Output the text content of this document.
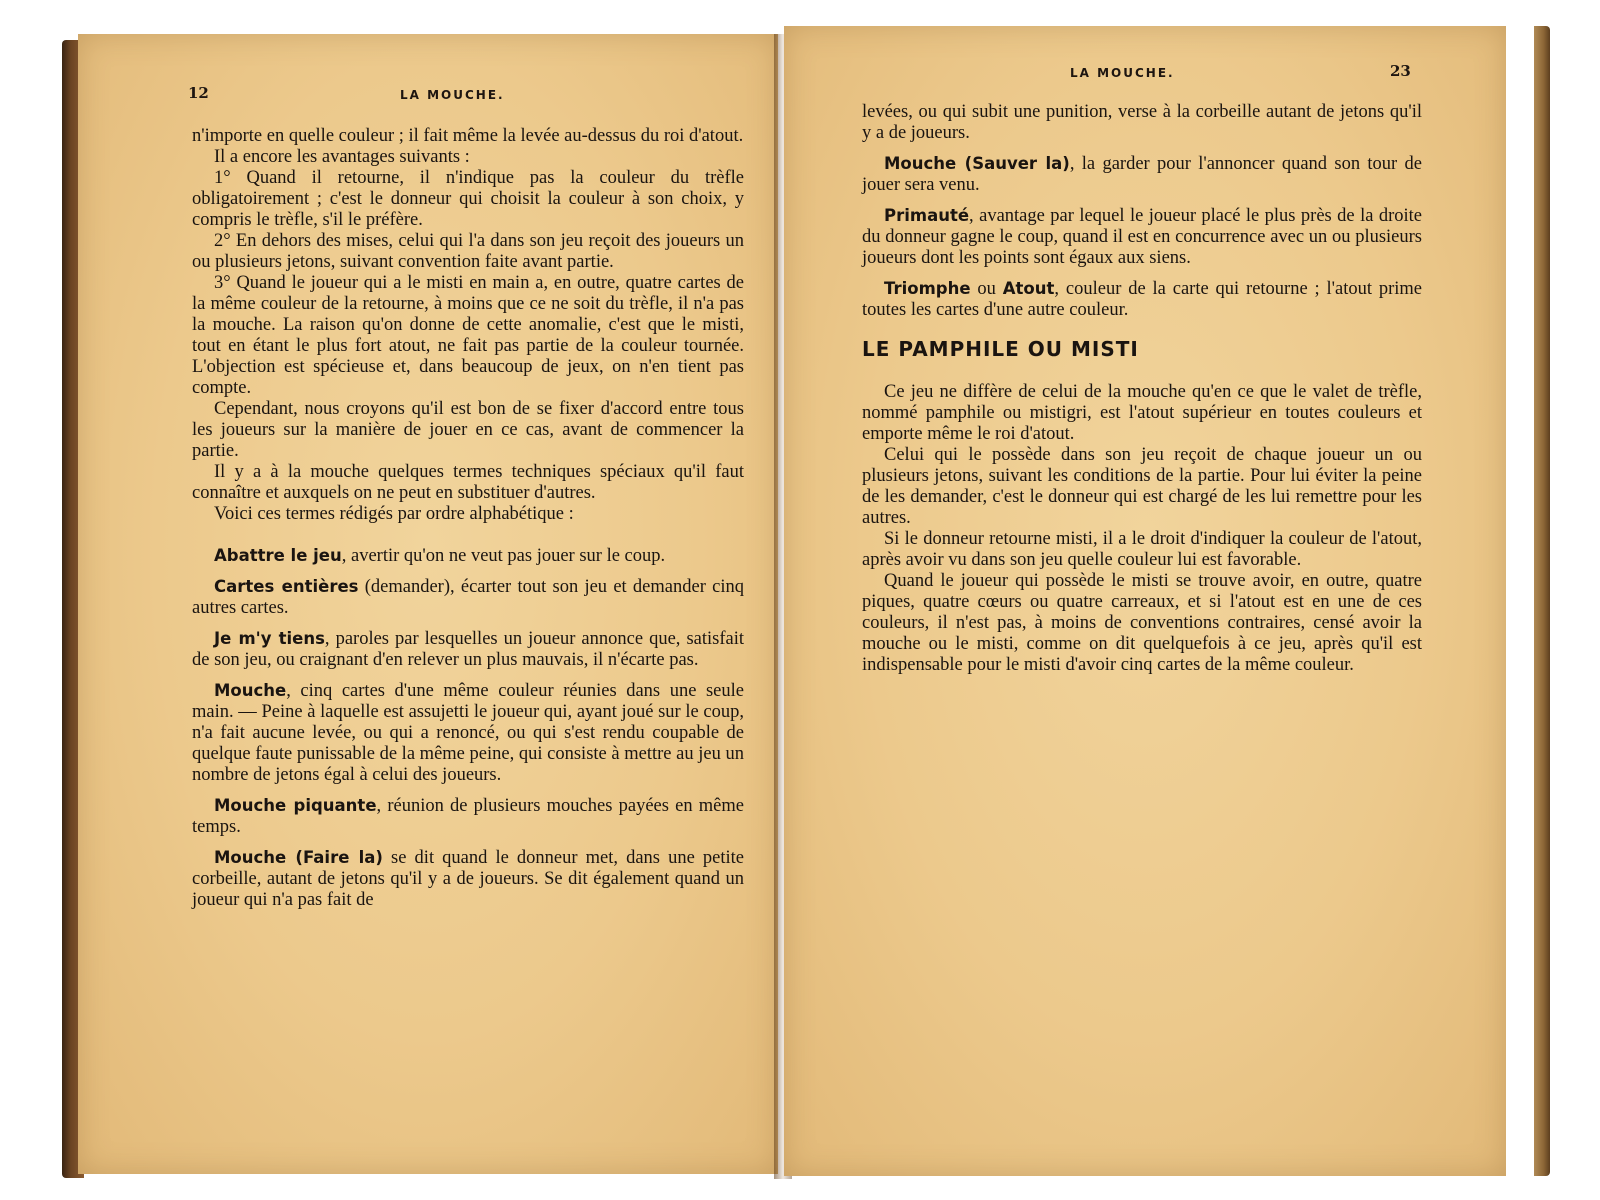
12	LA MOUCHE.

n'importe en quelle couleur ; il fait même la levée au-dessus du roi d'atout.

Il a encore les avantages suivants :

1° Quand il retourne, il n'indique pas la couleur du trèfle obligatoirement ; c'est le donneur qui choisit la couleur à son choix, y compris le trèfle, s'il le préfère.

2° En dehors des mises, celui qui l'a dans son jeu reçoit des joueurs un ou plusieurs jetons, suivant convention faite avant partie.

3° Quand le joueur qui a le misti en main a, en outre, quatre cartes de la même couleur de la retourne, à moins que ce ne soit du trèfle, il n'a pas la mouche. La raison qu'on donne de cette anomalie, c'est que le misti, tout en étant le plus fort atout, ne fait pas partie de la couleur tournée. L'objection est spécieuse et, dans beaucoup de jeux, on n'en tient pas compte.

Cependant, nous croyons qu'il est bon de se fixer d'accord entre tous les joueurs sur la manière de jouer en ce cas, avant de commencer la partie.

Il y a à la mouche quelques termes techniques spéciaux qu'il faut connaître et auxquels on ne peut en substituer d'autres.

Voici ces termes rédigés par ordre alphabétique :

Abattre le jeu, avertir qu'on ne veut pas jouer sur le coup.

Cartes entières (demander), écarter tout son jeu et demander cinq autres cartes.

Je m'y tiens, paroles par lesquelles un joueur annonce que, satisfait de son jeu, ou craignant d'en relever un plus mauvais, il n'écarte pas.

Mouche, cinq cartes d'une même couleur réunies dans une seule main. — Peine à laquelle est assujetti le joueur qui, ayant joué sur le coup, n'a fait aucune levée, ou qui a renoncé, ou qui s'est rendu coupable de quelque faute punissable de la même peine, qui consiste à mettre au jeu un nombre de jetons égal à celui des joueurs.

Mouche piquante, réunion de plusieurs mouches payées en même temps.

Mouche (Faire la) se dit quand le donneur met, dans une petite corbeille, autant de jetons qu'il y a de joueurs. Se dit également quand un joueur qui n'a pas fait de

LA MOUCHE.	23

levées, ou qui subit une punition, verse à la corbeille autant de jetons qu'il y a de joueurs.

Mouche (Sauver la), la garder pour l'annoncer quand son tour de jouer sera venu.

Primauté, avantage par lequel le joueur placé le plus près de la droite du donneur gagne le coup, quand il est en concurrence avec un ou plusieurs joueurs dont les points sont égaux aux siens.

Triomphe ou Atout, couleur de la carte qui retourne ; l'atout prime toutes les cartes d'une autre couleur.

LE PAMPHILE OU MISTI

Ce jeu ne diffère de celui de la mouche qu'en ce que le valet de trèfle, nommé pamphile ou mistigri, est l'atout supérieur en toutes couleurs et emporte même le roi d'atout.

Celui qui le possède dans son jeu reçoit de chaque joueur un ou plusieurs jetons, suivant les conditions de la partie. Pour lui éviter la peine de les demander, c'est le donneur qui est chargé de les lui remettre pour les autres.

Si le donneur retourne misti, il a le droit d'indiquer la couleur de l'atout, après avoir vu dans son jeu quelle couleur lui est favorable.

Quand le joueur qui possède le misti se trouve avoir, en outre, quatre piques, quatre cœurs ou quatre carreaux, et si l'atout est en une de ces couleurs, il n'est pas, à moins de conventions contraires, censé avoir la mouche ou le misti, comme on dit quelquefois à ce jeu, après qu'il est indispensable pour le misti d'avoir cinq cartes de la même couleur.
